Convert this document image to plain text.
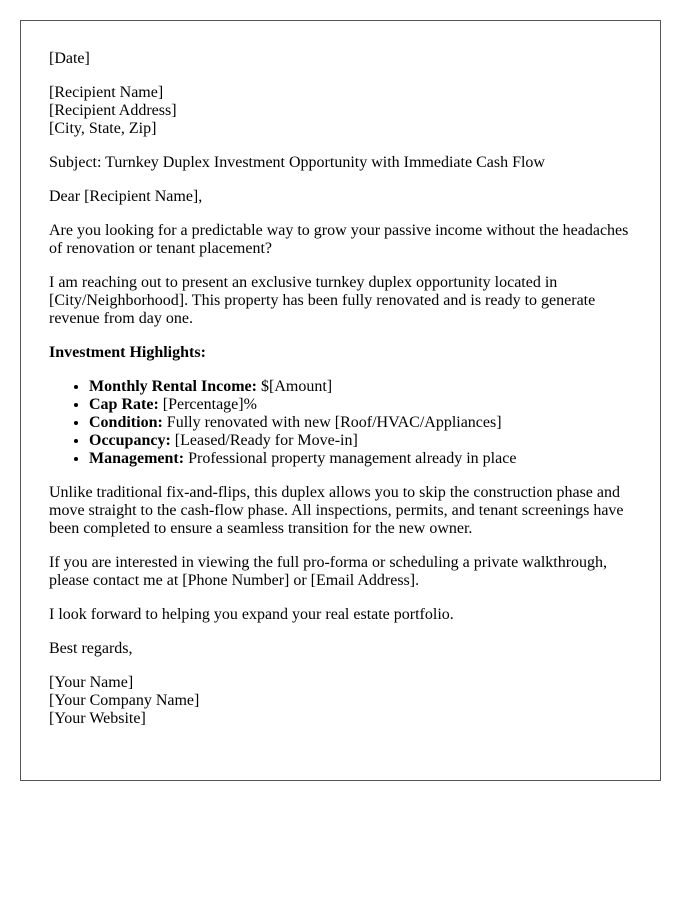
[Date]

[Recipient Name]
[Recipient Address]
[City, State, Zip]

Subject: Turnkey Duplex Investment Opportunity with Immediate Cash Flow

Dear [Recipient Name],

Are you looking for a predictable way to grow your passive income without the headaches of renovation or tenant placement?

I am reaching out to present an exclusive turnkey duplex opportunity located in [City/Neighborhood]. This property has been fully renovated and is ready to generate revenue from day one.

Investment Highlights:

• Monthly Rental Income: $[Amount]
• Cap Rate: [Percentage]%
• Condition: Fully renovated with new [Roof/HVAC/Appliances]
• Occupancy: [Leased/Ready for Move-in]
• Management: Professional property management already in place

Unlike traditional fix-and-flips, this duplex allows you to skip the construction phase and move straight to the cash-flow phase. All inspections, permits, and tenant screenings have been completed to ensure a seamless transition for the new owner.

If you are interested in viewing the full pro-forma or scheduling a private walkthrough, please contact me at [Phone Number] or [Email Address].

I look forward to helping you expand your real estate portfolio.

Best regards,

[Your Name]
[Your Company Name]
[Your Website]
